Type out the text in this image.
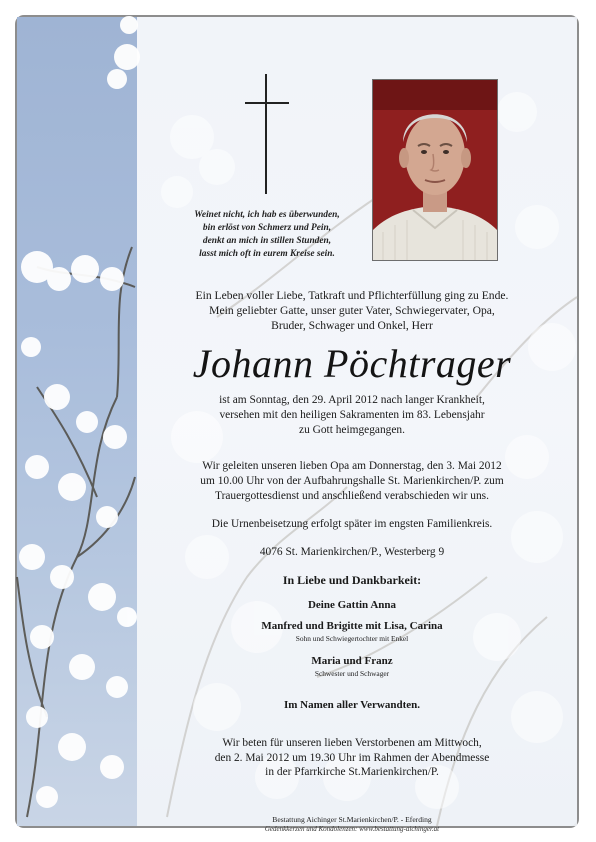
Weinet nicht, ich hab es überwunden,
bin erlöst von Schmerz und Pein,
denkt an mich in stillen Stunden,
lasst mich oft in eurem Kreise sein.
Ein Leben voller Liebe, Tatkraft und Pflichterfüllung ging zu Ende.
Mein geliebter Gatte, unser guter Vater, Schwiegervater, Opa,
Bruder, Schwager und Onkel, Herr
Johann Pöchtrager
ist am Sonntag, den 29. April 2012 nach langer Krankheit,
versehen mit den heiligen Sakramenten im 83. Lebensjahr
zu Gott heimgegangen.
Wir geleiten unseren lieben Opa am Donnerstag, den 3. Mai 2012
um 10.00 Uhr von der Aufbahrungshalle St. Marienkirchen/P. zum
Trauergottesdienst und anschließend verabschieden wir uns.
Die Urnenbeisetzung erfolgt später im engsten Familienkreis.
4076 St. Marienkirchen/P., Westerberg 9
In Liebe und Dankbarkeit:
Deine Gattin Anna
Manfred und Brigitte mit Lisa, Carina
Sohn und Schwiegertochter mit Enkel
Maria und Franz
Schwester und Schwager
Im Namen aller Verwandten.
Wir beten für unseren lieben Verstorbenen am Mittwoch,
den 2. Mai 2012 um 19.30 Uhr im Rahmen der Abendmesse
in der Pfarrkirche St.Marienkirchen/P.
Bestattung Aichinger St.Marienkirchen/P. - Eferding
Gedenkkerzen und Kondolenzen: www.bestattung-aichinger.at
